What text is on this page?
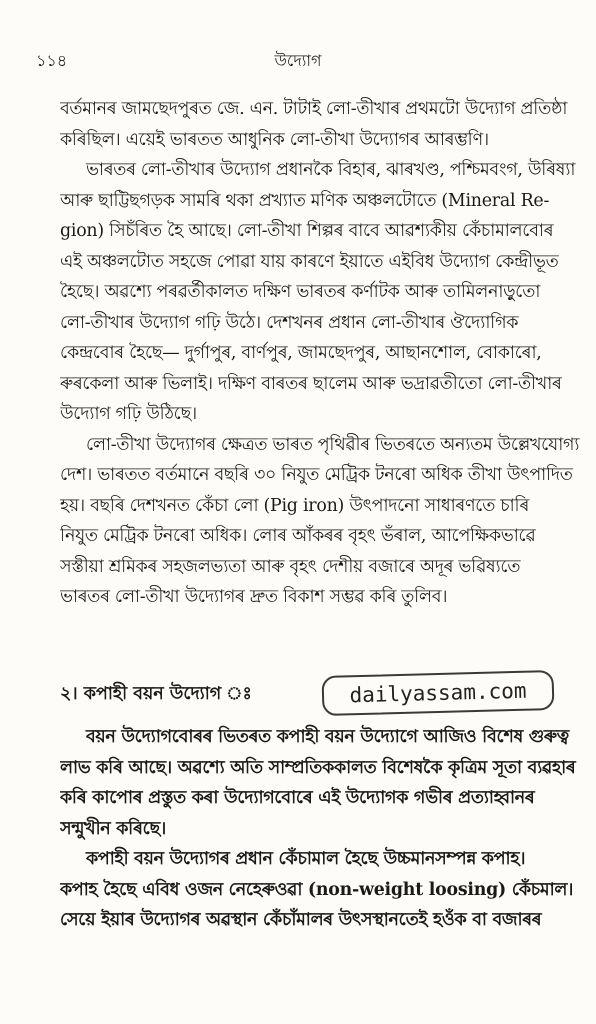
১১৪	উদ্যোগ
বৰ্তমানৰ জামছেদপুৰত জে. এন. টাটাই লো-তীখাৰ প্ৰথমটো উদ্যোগ প্ৰতিষ্ঠা
কৰিছিল। এয়েই ভাৰতত আধুনিক লো-তীখা উদ্যোগৰ আৰম্ভণি।
ভাৰতৰ লো-তীখাৰ উদ্যোগ প্ৰধানকৈ বিহাৰ, ঝাৰখণ্ড, পশ্চিমবংগ, উৰিষ্যা
আৰু ছাট্টিছগড়ক সামৰি থকা প্ৰখ্যাত মণিক অঞ্চলটোতে (Mineral Re-
gion) সিচঁৰিত হৈ আছে। লো-তীখা শিল্পৰ বাবে আৱশ্যকীয় কেঁচামালবোৰ
এই অঞ্চলটোত সহজে পোৱা যায় কাৰণে ইয়াতে এইবিধ উদ্যোগ কেন্দ্ৰীভূত
হৈছে। অৱশ্যে পৰৱৰ্তীকালত দক্ষিণ ভাৰতৰ কৰ্ণাটক আৰু তামিলনাড়ুতো
লো-তীখাৰ উদ্যোগ গঢ়ি উঠে। দেশখনৰ প্ৰধান লো-তীখাৰ ঔদ্যোগিক
কেন্দ্ৰবোৰ হৈছে— দুৰ্গাপুৰ, বাৰ্ণপুৰ, জামছেদপুৰ, আছানশোল, বোকাৰো,
ৰুৰকেলা আৰু ভিলাই। দক্ষিণ বাৰতৰ ছালেম আৰু ভদ্ৰাৱতীতো লো-তীখাৰ
উদ্যোগ গঢ়ি উঠিছে।
লো-তীখা উদ্যোগৰ ক্ষেত্ৰত ভাৰত পৃথিৱীৰ ভিতৰতে অন্যতম উল্লেখযোগ্য
দেশ। ভাৰতত বৰ্তমানে বছৰি ৩০ নিযুত মেট্ৰিক টনৰো অধিক তীখা উৎপাদিত
হয়। বছৰি দেশখনত কেঁচা লো (Pig iron) উৎপাদনো সাধাৰণতে চাৰি
নিযুত মেট্ৰিক টনৰো অধিক। লোৰ আঁকৰৰ বৃহৎ ভঁৰাল, আপেক্ষিকভাৱে
সস্তীয়া শ্ৰমিকৰ সহজলভ্যতা আৰু বৃহৎ দেশীয় বজাৰে অদূৰ ভৱিষ্যতে
ভাৰতৰ লো-তীখা উদ্যোগৰ দ্ৰুত বিকাশ সম্ভৱ কৰি তুলিব।
২। কপাহী বয়ন উদ্যোগ ঃ	dailyassam.com
বয়ন উদ্যোগবোৰৰ ভিতৰত কপাহী বয়ন উদ্যোগে আজিও বিশেষ গুৰুত্ব
লাভ কৰি আছে। অৱশ্যে অতি সাম্প্ৰতিককালত বিশেষকৈ কৃত্ৰিম সূতা ব্যৱহাৰ
কৰি কাপোৰ প্ৰস্তুত কৰা উদ্যোগবোৰে এই উদ্যোগক গভীৰ প্ৰত্যাহ্বানৰ
সন্মুখীন কৰিছে।
কপাহী বয়ন উদ্যোগৰ প্ৰধান কেঁচামাল হৈছে উচ্চমানসম্পন্ন কপাহ।
কপাহ হৈছে এবিধ ওজন নেহেৰুওৱা (non-weight loosing) কেঁচমাল।
সেয়ে ইয়াৰ উদ্যোগৰ অৱস্থান কেঁচাঁমালৰ উৎসস্থানতেই হওঁক বা বজাৰৰ
